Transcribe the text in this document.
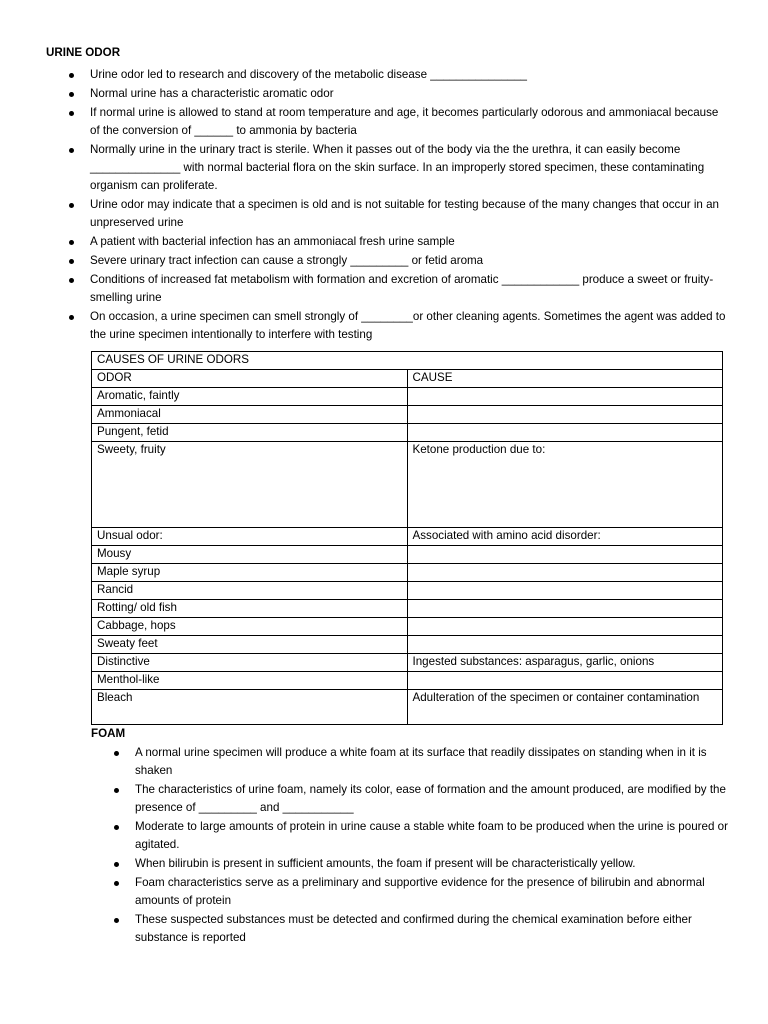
URINE ODOR
Urine odor led to research and discovery of the metabolic disease _______________
Normal urine has a characteristic aromatic odor
If normal urine is allowed to stand at room temperature and age, it becomes particularly odorous and ammoniacal because of the conversion of ______ to ammonia by bacteria
Normally urine in the urinary tract is sterile. When it passes out of the body via the the urethra, it can easily become ______________ with normal bacterial flora on the skin surface. In an improperly stored specimen, these contaminating organism can proliferate.
Urine odor may indicate that a specimen is old and is not suitable for testing because of the many changes that occur in an unpreserved urine
A patient with bacterial infection has an ammoniacal fresh urine sample
Severe urinary tract infection can cause a strongly _________ or fetid aroma
Conditions of increased fat metabolism with formation and excretion of aromatic ____________ produce a sweet or fruity-smelling urine
On occasion, a urine specimen can smell strongly of ________or other cleaning agents. Sometimes the agent was added to the urine specimen intentionally to interfere with testing
CAUSES OF URINE ODORS	
ODOR	CAUSE
Aromatic, faintly	
Ammoniacal	
Pungent, fetid	
Sweety, fruity	Ketone production due to:
Unsual odor:	Associated with amino acid disorder:
Mousy	
Maple syrup	
Rancid	
Rotting/ old fish	
Cabbage, hops	
Sweaty feet	
Distinctive	Ingested substances: asparagus, garlic, onions
Menthol-like	
Bleach	Adulteration of the specimen or container contamination
FOAM
A normal urine specimen will produce a white foam at its surface that readily dissipates on standing when in it is shaken
The characteristics of urine foam, namely its color, ease of formation and the amount produced, are modified by the presence of _________ and ___________
Moderate to large amounts of protein in urine cause a stable white foam to be produced when the urine is poured or agitated.
When bilirubin is present in sufficient amounts, the foam if present will be characteristically yellow.
Foam characteristics serve as a preliminary and supportive evidence for the presence of bilirubin and abnormal amounts of protein
These suspected substances must be detected and confirmed during the chemical examination before either substance is reported
